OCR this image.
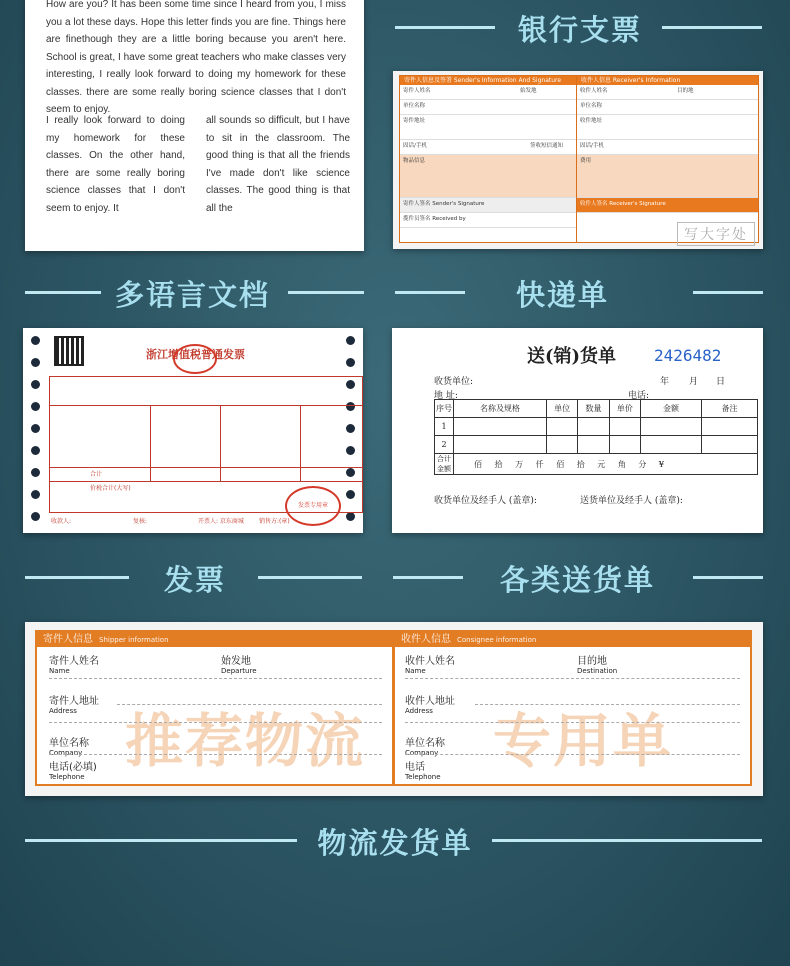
How are you? It has been some time since I heard from you, I miss you a lot these days. Hope this letter finds you are fine. Things here are finethough they are a little boring because you aren't here. School is great, I have some great teachers who make classes very interesting, I really look forward to doing my homework for these classes. there are some really boring science classes that I don't seem to enjoy.

I really look forward to doing my homework for these classes. On the other hand, there are some really boring science classes that I don't seem to enjoy. It

all sounds so difficult, but I have to sit in the classroom. The good thing is that all the friends I've made don't like science classes. The good thing is that all the

银行支票
寄件人信息及签署 Sender's Information And Signature
寄件人姓名	始发地
单位名称
寄件地址
固话/手机	签收短信通知
物品信息
寄件人签名 Sender's Signature
揽件员签名 Received by
收件人信息 Receiver's Information
收件人姓名	目的地
单位名称
收件地址
固话/手机
费用
收件人签名 Receiver's Signature
写大字处
多语言文档	快递单
浙江增值税普通发票
合计
价税合计(大写)
发票专用章
收款人:	复核:	开票人: 京东商城	销售方:(章)
送(销)货单 2426482
收货单位:
地 址:
年 月 日
电话:
序号	名称及规格	单位	数量	单价	金额	备注
1						
2						
合计金额	佰 拾 万 仟 佰 拾 元 角 分 ¥					
收货单位及经手人 (盖章):	送货单位及经手人 (盖章):
发票	各类送货单
寄件人信息 Shipper information
推荐物流
寄件人姓名
Name
始发地
Departure
寄件人地址
Address
单位名称
Company
电话(必填)
Telephone
收件人信息 Consignee information
专用单
收件人姓名
Name
目的地
Destination
收件人地址
Address
单位名称
Company
电话
Telephone
物流发货单
